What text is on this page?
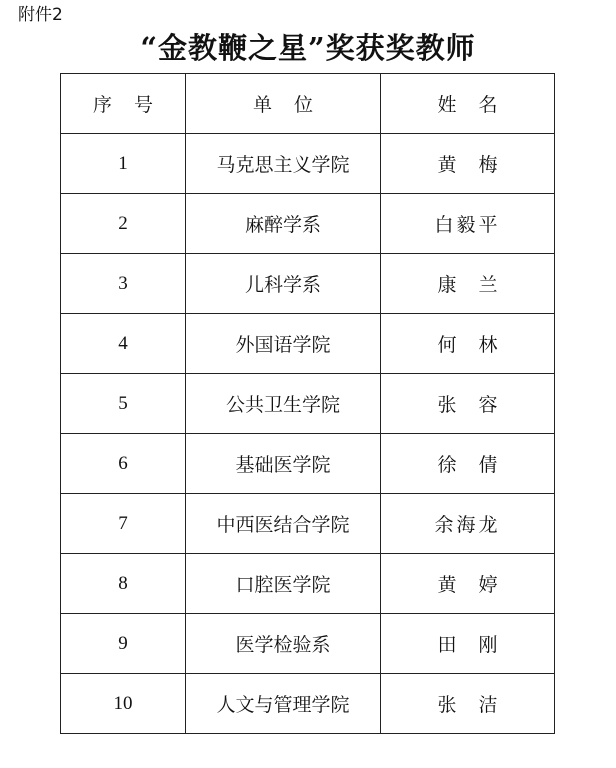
附件2
“金教鞭之星”奖获奖教师
序号	单位	姓名
1	马克思主义学院	黄梅
2	麻醉学系	白毅平
3	儿科学系	康兰
4	外国语学院	何林
5	公共卫生学院	张容
6	基础医学院	徐倩
7	中西医结合学院	余海龙
8	口腔医学院	黄婷
9	医学检验系	田刚
10	人文与管理学院	张洁
